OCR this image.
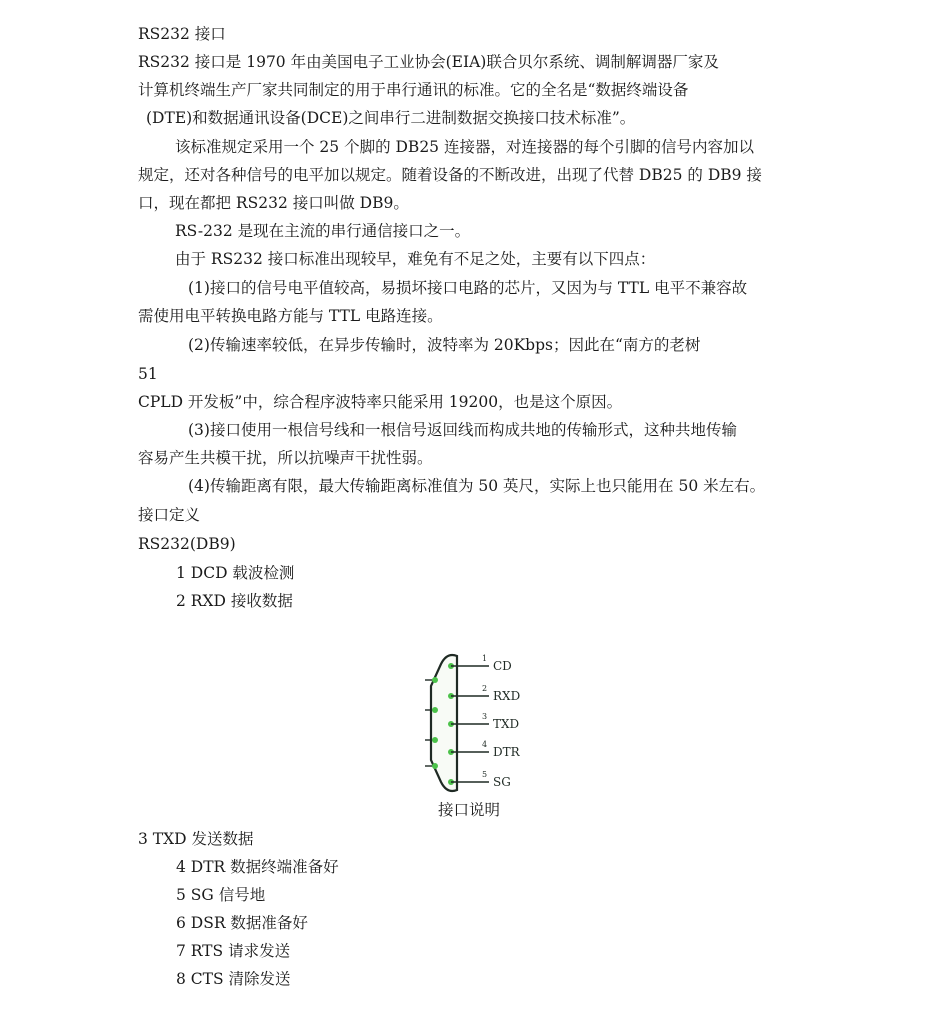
RS232 接口
RS232 接口是 1970 年由美国电子工业协会(EIA)联合贝尔系统、调制解调器厂家及
计算机终端生产厂家共同制定的用于串行通讯的标准。它的全名是“数据终端设备
(DTE)和数据通讯设备(DCE)之间串行二进制数据交换接口技术标准”。
该标准规定采用一个 25 个脚的 DB25 连接器，对连接器的每个引脚的信号内容加以
规定，还对各种信号的电平加以规定。随着设备的不断改进，出现了代替 DB25 的 DB9 接
口，现在都把 RS232 接口叫做 DB9。
RS-232 是现在主流的串行通信接口之一。
由于 RS232 接口标准出现较早，难免有不足之处，主要有以下四点：
(1)接口的信号电平值较高，易损坏接口电路的芯片，又因为与 TTL 电平不兼容故
需使用电平转换电路方能与 TTL 电路连接。
(2)传输速率较低，在异步传输时，波特率为 20Kbps；因此在“南方的老树
51
CPLD 开发板”中，综合程序波特率只能采用 19200，也是这个原因。
(3)接口使用一根信号线和一根信号返回线而构成共地的传输形式，这种共地传输
容易产生共模干扰，所以抗噪声干扰性弱。
(4)传输距离有限，最大传输距离标准值为 50 英尺，实际上也只能用在 50 米左右。
接口定义
RS232(DB9)
1 DCD 载波检测
2 RXD 接收数据
1
2
3
4
5
CD
RXD
TXD
DTR
SG
接口说明
3 TXD 发送数据
4 DTR 数据终端准备好
5 SG 信号地
6 DSR 数据准备好
7 RTS 请求发送
8 CTS 清除发送
